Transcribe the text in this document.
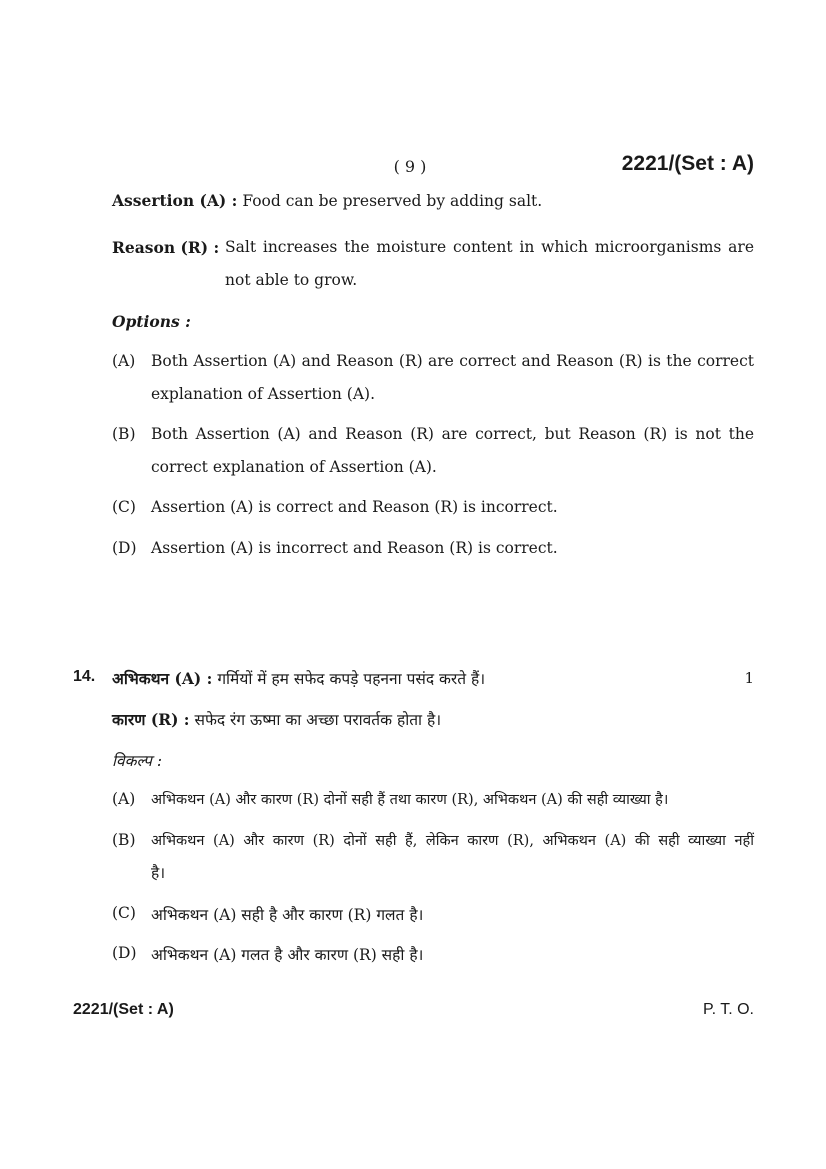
( 9 )	2221/(Set : A)
Assertion (A) : Food can be preserved by adding salt.
Reason (R) : Salt increases the moisture content in which microorganisms are
not able to grow.
Options :
(A) Both Assertion (A) and Reason (R) are correct and Reason (R) is the correct
explanation of Assertion (A).
(B) Both Assertion (A) and Reason (R) are correct, but Reason (R) is not the
correct explanation of Assertion (A).
(C) Assertion (A) is correct and Reason (R) is incorrect.
(D) Assertion (A) is incorrect and Reason (R) is correct.
14. अभिकथन (A) : गर्मियों में हम सफेद कपड़े पहनना पसंद करते हैं।	1
कारण (R) : सफेद रंग ऊष्मा का अच्छा परावर्तक होता है।
विकल्प :
(A) अभिकथन (A) और कारण (R) दोनों सही हैं तथा कारण (R), अभिकथन (A) की सही व्याख्या है।
(B) अभिकथन (A) और कारण (R) दोनों सही हैं, लेकिन कारण (R), अभिकथन (A) की सही व्याख्या नहीं
है।
(C) अभिकथन (A) सही है और कारण (R) गलत है।
(D) अभिकथन (A) गलत है और कारण (R) सही है।
2221/(Set : A)	P. T. O.
